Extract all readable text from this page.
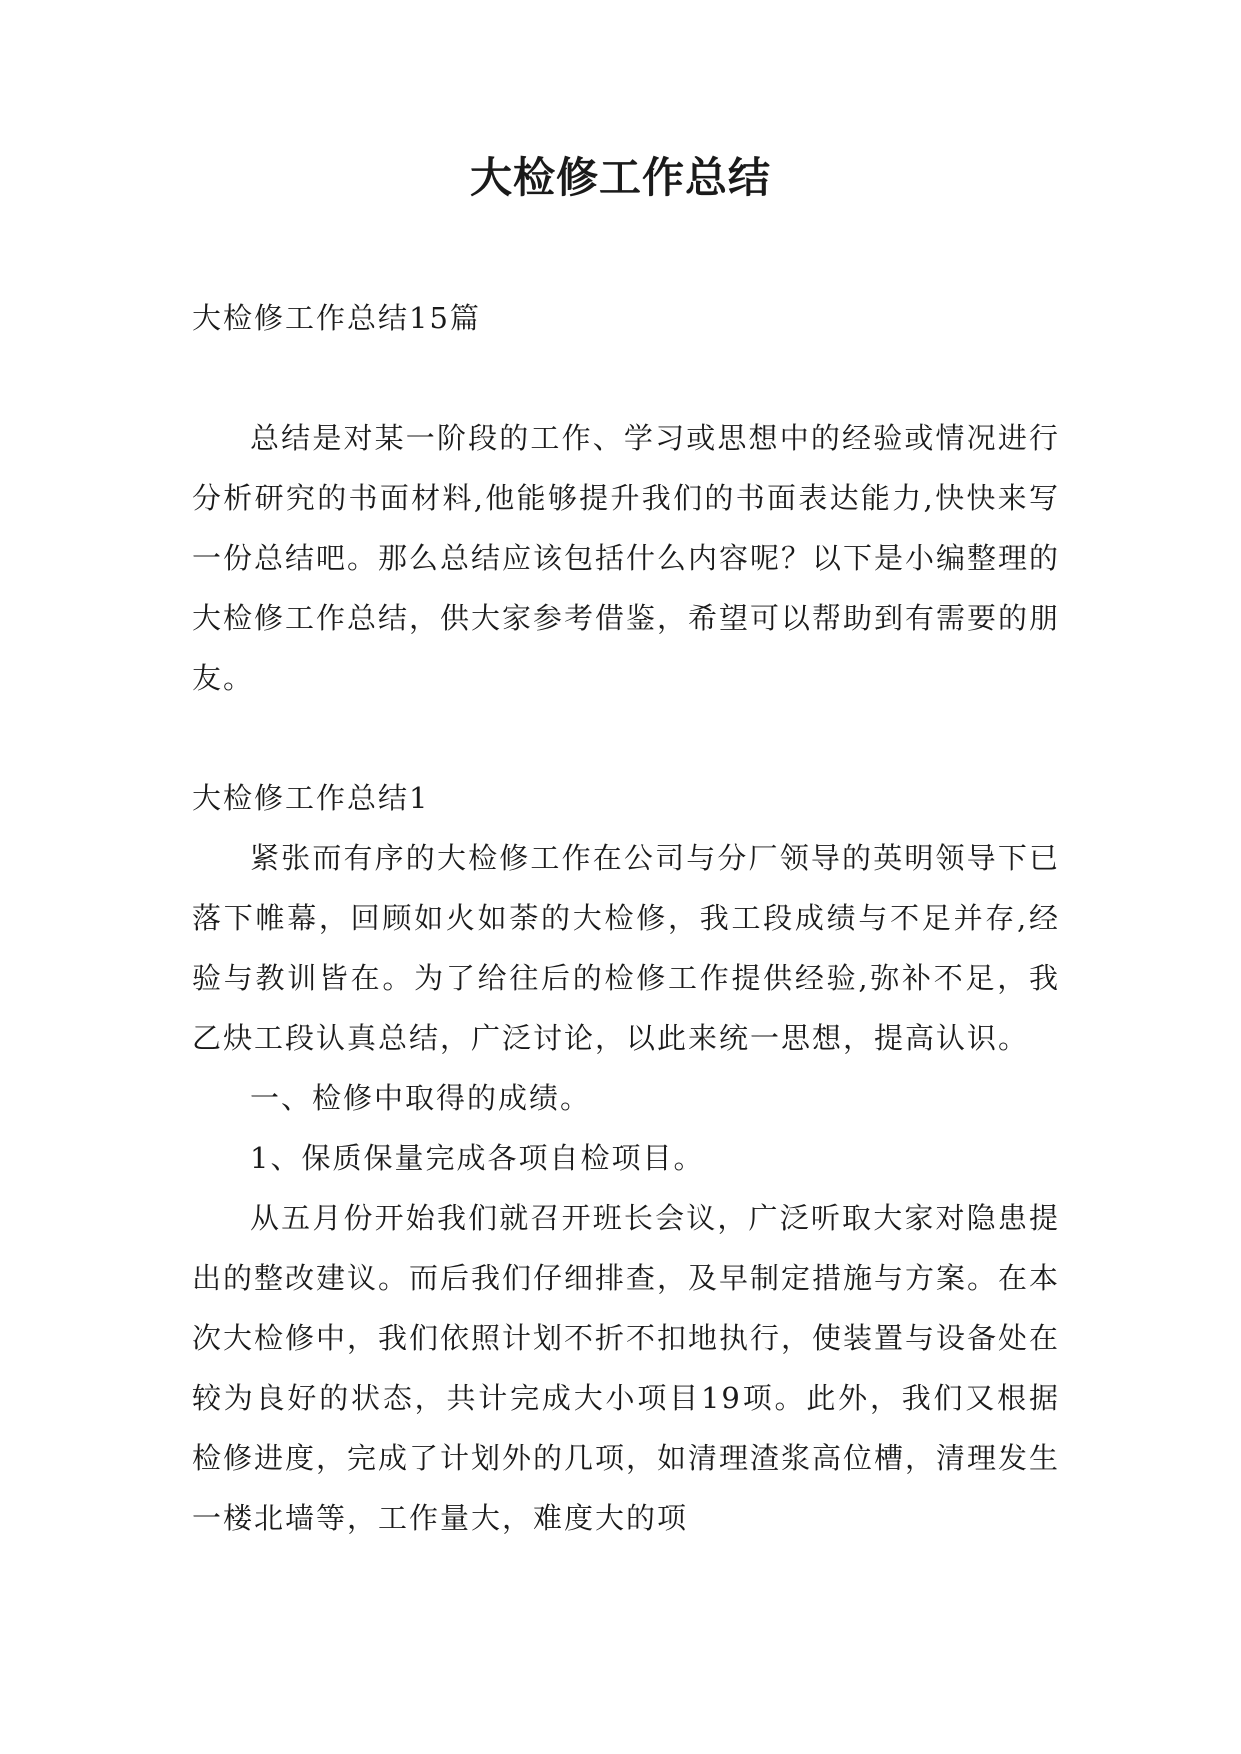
大检修工作总结

大检修工作总结15篇

总结是对某一阶段的工作、学习或思想中的经验或情况进行分析研究的书面材料,他能够提升我们的书面表达能力,快快来写一份总结吧。那么总结应该包括什么内容呢？以下是小编整理的大检修工作总结，供大家参考借鉴，希望可以帮助到有需要的朋友。

大检修工作总结1

紧张而有序的大检修工作在公司与分厂领导的英明领导下已落下帷幕，回顾如火如荼的大检修，我工段成绩与不足并存,经验与教训皆在。为了给往后的检修工作提供经验,弥补不足，我乙炔工段认真总结，广泛讨论，以此来统一思想，提高认识。

一、检修中取得的成绩。

1、保质保量完成各项自检项目。

从五月份开始我们就召开班长会议，广泛听取大家对隐患提出的整改建议。而后我们仔细排查，及早制定措施与方案。在本次大检修中，我们依照计划不折不扣地执行，使装置与设备处在较为良好的状态，共计完成大小项目19项。此外，我们又根据检修进度，完成了计划外的几项，如清理渣浆高位槽，清理发生一楼北墙等，工作量大，难度大的项
